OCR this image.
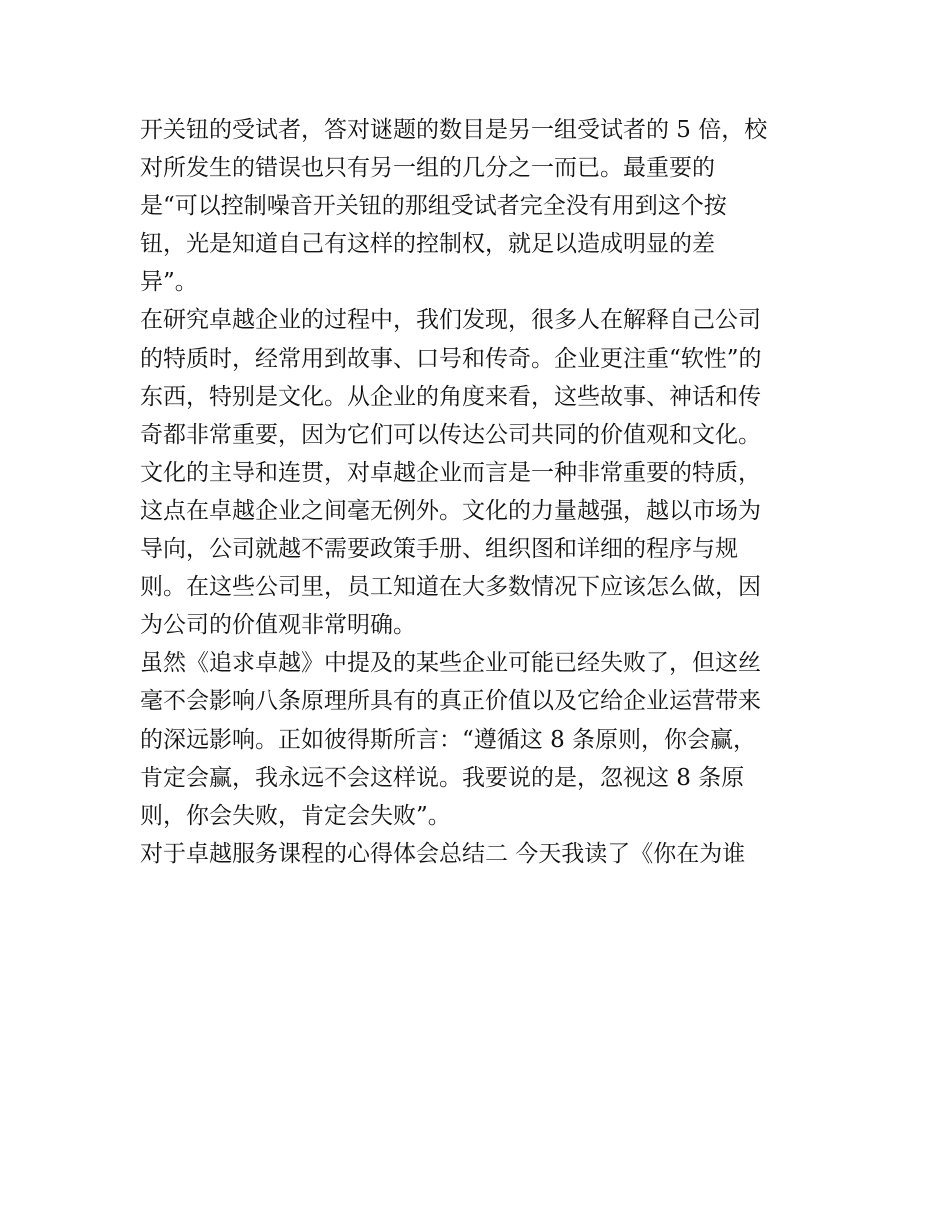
开关钮的受试者，答对谜题的数目是另一组受试者的 5 倍，校
对所发生的错误也只有另一组的几分之一而已。最重要的
是“可以控制噪音开关钮的那组受试者完全没有用到这个按
钮，光是知道自己有这样的控制权，就足以造成明显的差
异”。
在研究卓越企业的过程中，我们发现，很多人在解释自己公司
的特质时，经常用到故事、口号和传奇。企业更注重“软性”的
东西，特别是文化。从企业的角度来看，这些故事、神话和传
奇都非常重要，因为它们可以传达公司共同的价值观和文化。
文化的主导和连贯，对卓越企业而言是一种非常重要的特质，
这点在卓越企业之间毫无例外。文化的力量越强，越以市场为
导向，公司就越不需要政策手册、组织图和详细的程序与规
则。在这些公司里，员工知道在大多数情况下应该怎么做，因
为公司的价值观非常明确。
虽然《追求卓越》中提及的某些企业可能已经失败了，但这丝
毫不会影响八条原理所具有的真正价值以及它给企业运营带来
的深远影响。正如彼得斯所言：“遵循这 8 条原则，你会赢，
肯定会赢，我永远不会这样说。我要说的是，忽视这 8 条原
则，你会失败，肯定会失败”。
对于卓越服务课程的心得体会总结二 今天我读了《你在为谁
